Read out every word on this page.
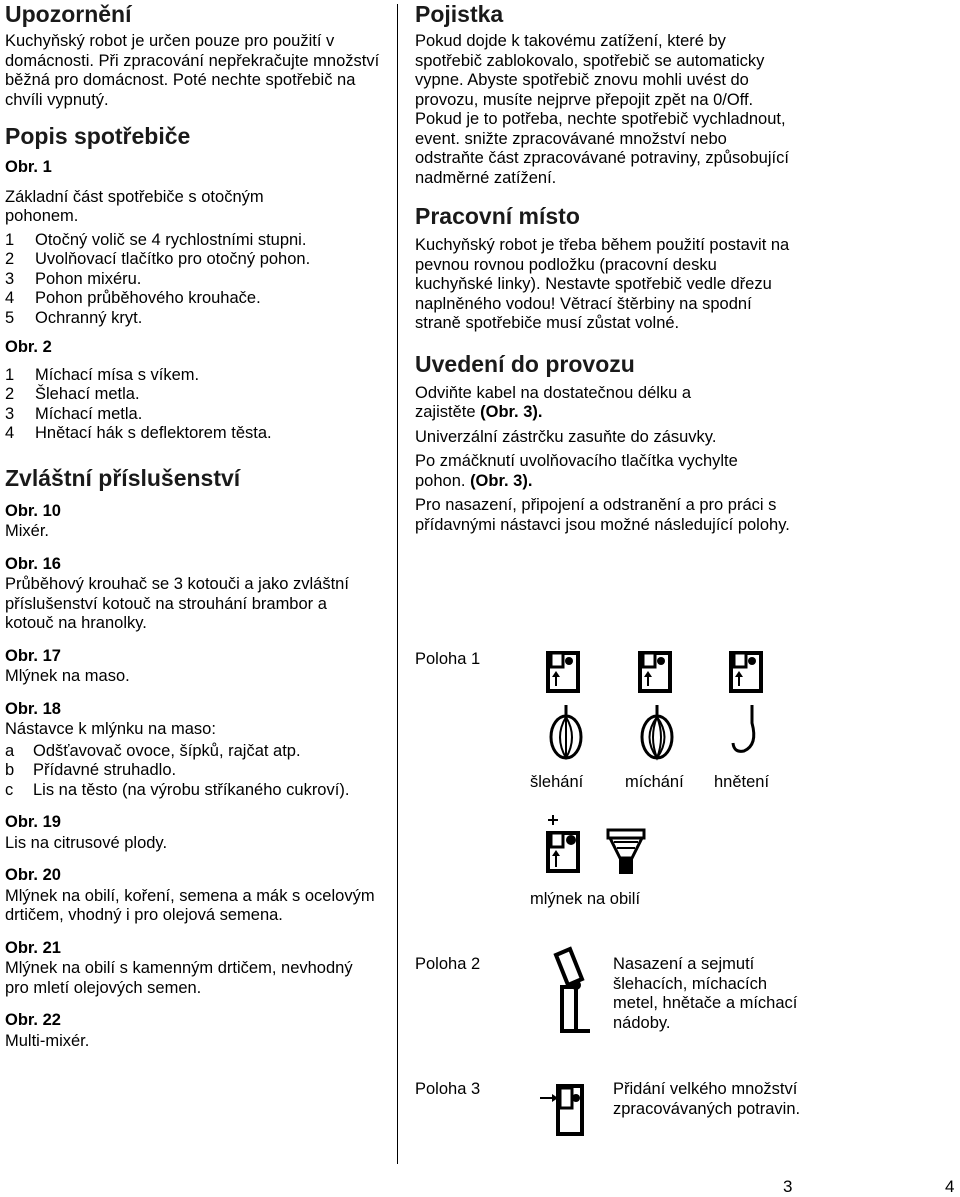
Upozornění

Kuchyňský robot je určen pouze pro použití v domácnosti. Při zpracování nepřekračujte množství běžná pro domácnost. Poté nechte spotřebič na chvíli vypnutý.

Popis spotřebiče

Obr. 1

Základní část spotřebiče s otočným pohonem.

1	Otočný volič se 4 rychlostními stupni.
2	Uvolňovací tlačítko pro otočný pohon.
3	Pohon mixéru.
4	Pohon průběhového krouhače.
5	Ochranný kryt.

Obr. 2

1	Míchací mísa s víkem.
2	Šlehací metla.
3	Míchací metla.
4	Hnětací hák s deflektorem těsta.
Zvláštní příslušenství

Obr. 10

Mixér.

Obr. 16

Průběhový krouhač se 3 kotouči a jako zvláštní příslušenství kotouč na strouhání brambor a kotouč na hranolky.

Obr. 17

Mlýnek na maso.

Obr. 18

Nástavce k mlýnku na maso:

a	Odšťavovač ovoce, šípků, rajčat atp.
b	Přídavné struhadlo.
c	Lis na těsto (na výrobu stříkaného cukroví).

Obr. 19

Lis na citrusové plody.

Obr. 20

Mlýnek na obilí, koření, semena a mák s ocelovým drtičem, vhodný i pro olejová semena.

Obr. 21

Mlýnek na obilí s kamenným drtičem, nevhodný pro mletí olejových semen.

Obr. 22

Multi-mixér.

Pojistka

Pokud dojde k takovému zatížení, které by spotřebič zablokovalo, spotřebič se automaticky vypne. Abyste spotřebič znovu mohli uvést do provozu, musíte nejprve přepojit zpět na 0/Off. Pokud je to potřeba, nechte spotřebič vychladnout, event. snižte zpracovávané množství nebo odstraňte část zpracovávané potraviny, způsobující nadměrné zatížení.

Pracovní místo

Kuchyňský robot je třeba během použití postavit na pevnou rovnou podložku (pracovní desku kuchyňské linky). Nestavte spotřebič vedle dřezu naplněného vodou! Větrací štěrbiny na spodní straně spotřebiče musí zůstat volné.

Uvedení do provozu

Odviňte kabel na dostatečnou délku a zajistěte (Obr. 3).

Univerzální zástrčku zasuňte do zásuvky.

Po zmáčknutí uvolňovacího tlačítka vychylte pohon. (Obr. 3).

Pro nasazení, připojení a odstranění a pro práci s přídavnými nástavci jsou možné následující polohy.

Poloha 1
šlehání	míchání hnětení
mlýnek na obilí
Poloha 2	Nasazení a sejmutí šlehacích, míchacích metel, hnětače a míchací nádoby.
Poloha 3	Přidání velkého množství zpracovávaných potravin.
3	4
